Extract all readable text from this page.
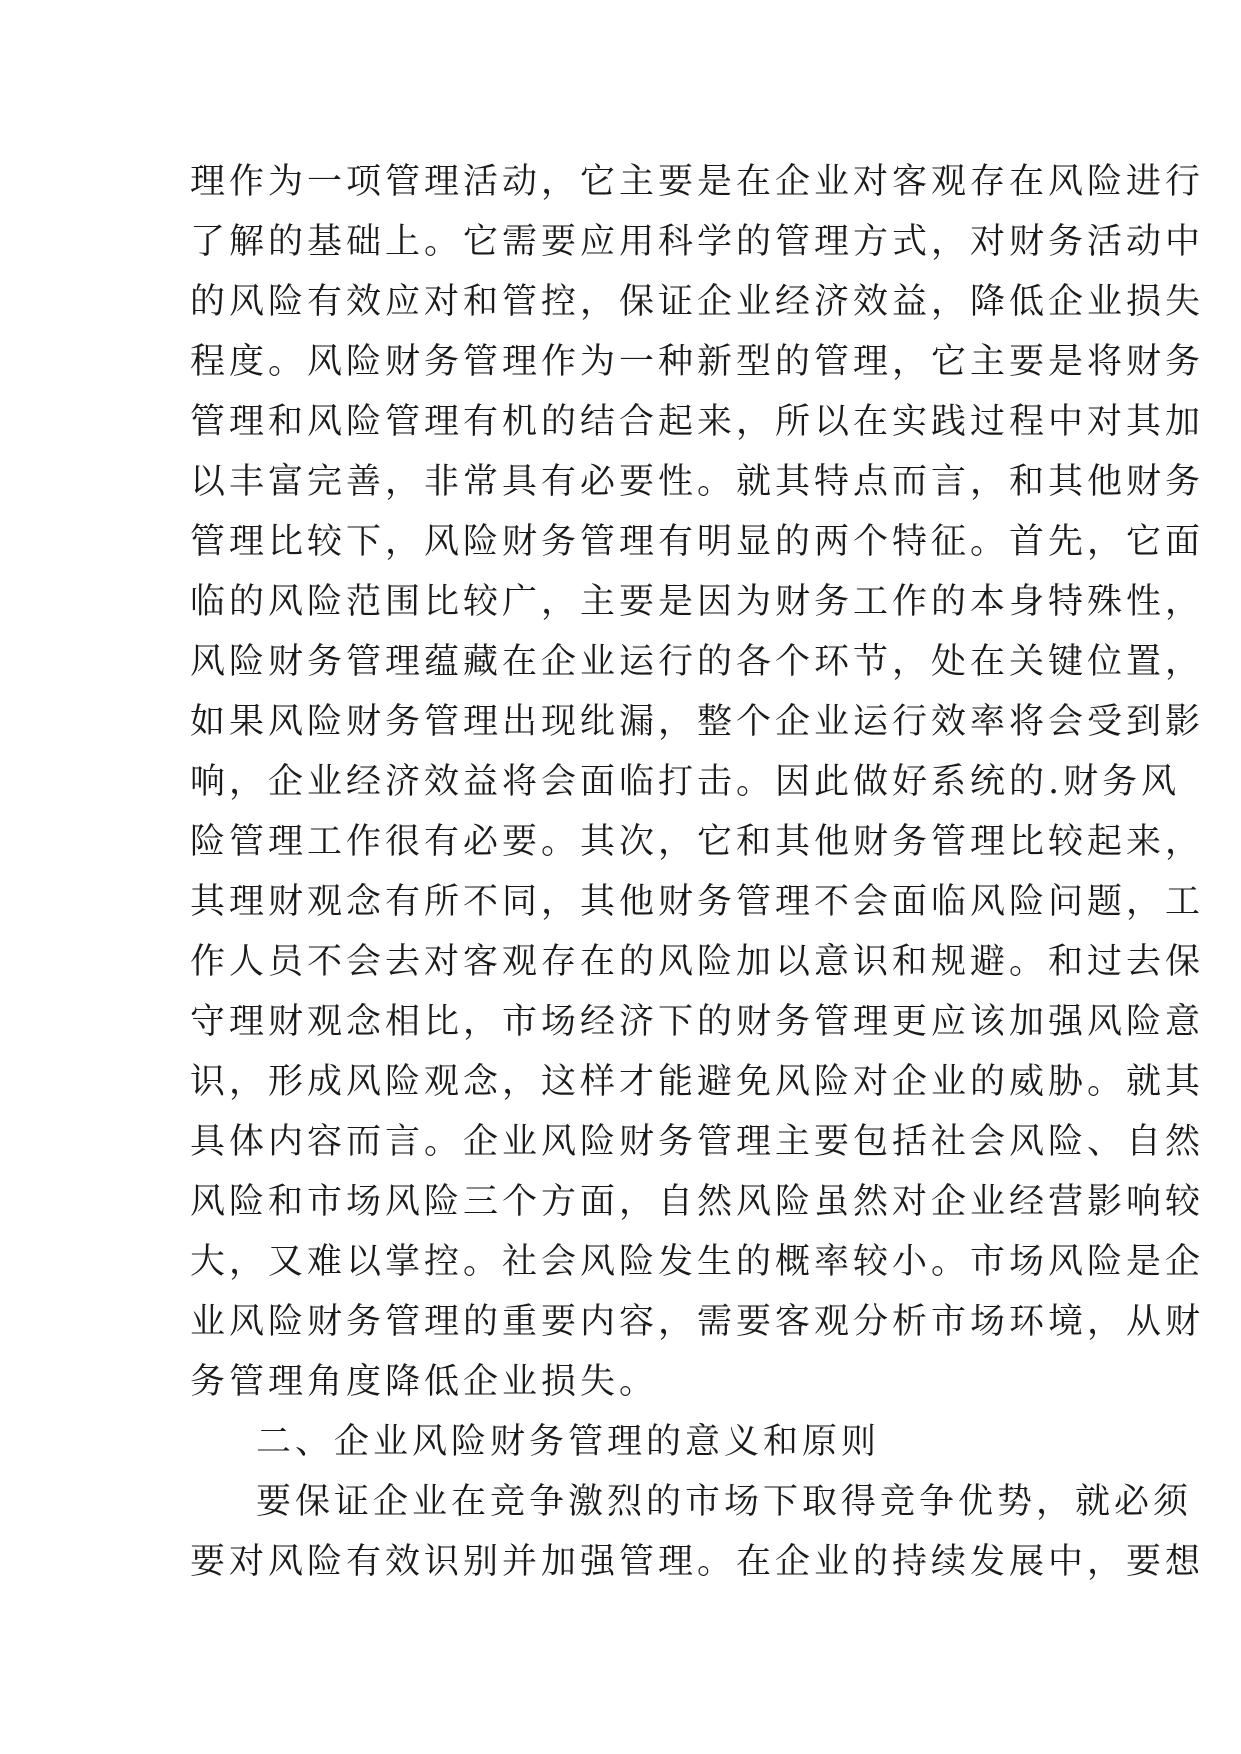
理作为一项管理活动，它主要是在企业对客观存在风险进行
了解的基础上。它需要应用科学的管理方式，对财务活动中
的风险有效应对和管控，保证企业经济效益，降低企业损失
程度。风险财务管理作为一种新型的管理，它主要是将财务
管理和风险管理有机的结合起来，所以在实践过程中对其加
以丰富完善，非常具有必要性。就其特点而言，和其他财务
管理比较下，风险财务管理有明显的两个特征。首先，它面
临的风险范围比较广，主要是因为财务工作的本身特殊性，
风险财务管理蕴藏在企业运行的各个环节，处在关键位置，
如果风险财务管理出现纰漏，整个企业运行效率将会受到影
响，企业经济效益将会面临打击。因此做好系统的.财务风
险管理工作很有必要。其次，它和其他财务管理比较起来，
其理财观念有所不同，其他财务管理不会面临风险问题，工
作人员不会去对客观存在的风险加以意识和规避。和过去保
守理财观念相比，市场经济下的财务管理更应该加强风险意
识，形成风险观念，这样才能避免风险对企业的威胁。就其
具体内容而言。企业风险财务管理主要包括社会风险、自然
风险和市场风险三个方面，自然风险虽然对企业经营影响较
大，又难以掌控。社会风险发生的概率较小。市场风险是企
业风险财务管理的重要内容，需要客观分析市场环境，从财
务管理角度降低企业损失。
二、企业风险财务管理的意义和原则
要保证企业在竞争激烈的市场下取得竞争优势，就必须
要对风险有效识别并加强管理。在企业的持续发展中，要想
